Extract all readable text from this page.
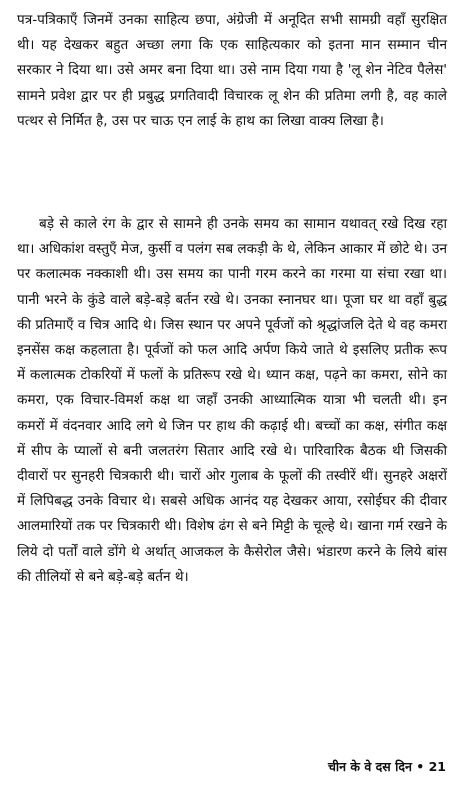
पत्र-पत्रिकाएँ जिनमें उनका साहित्य छपा, अंग्रेजी में अनूदित सभी सामग्री वहाँ सुरक्षित थी। यह देखकर बहुत अच्छा लगा कि एक साहित्यकार को इतना मान सम्मान चीन सरकार ने दिया था। उसे अमर बना दिया था। उसे नाम दिया गया है 'लू शेन नेटिव पैलेस' सामने प्रवेश द्वार पर ही प्रबुद्ध प्रगतिवादी विचारक लू शेन की प्रतिमा लगी है, वह काले पत्थर से निर्मित है, उस पर चाऊ एन लाई के हाथ का लिखा वाक्य लिखा है।

बड़े से काले रंग के द्वार से सामने ही उनके समय का सामान यथावत् रखे दिख रहा था। अधिकांश वस्तुएँ मेज, कुर्सी व पलंग सब लकड़ी के थे, लेकिन आकार में छोटे थे। उन पर कलात्मक नक्काशी थी। उस समय का पानी गरम करने का गरमा या संचा रखा था। पानी भरने के कुंडे वाले बड़े-बड़े बर्तन रखे थे। उनका स्नानघर था। पूजा घर था वहाँ बुद्ध की प्रतिमाएँ व चित्र आदि थे। जिस स्थान पर अपने पूर्वजों को श्रृद्धांजलि देते थे वह कमरा इनसेंस कक्ष कहलाता है। पूर्वजों को फल आदि अर्पण किये जाते थे इसलिए प्रतीक रूप में कलात्मक टोकरियों में फलों के प्रतिरूप रखे थे। ध्यान कक्ष, पढ़ने का कमरा, सोने का कमरा, एक विचार-विमर्श कक्ष था जहाँ उनकी आध्यात्मिक यात्रा भी चलती थी। इन कमरों में वंदनवार आदि लगे थे जिन पर हाथ की कढ़ाई थी। बच्चों का कक्ष, संगीत कक्ष में सीप के प्यालों से बनी जलतरंग सितार आदि रखे थे। पारिवारिक बैठक थी जिसकी दीवारों पर सुनहरी चित्रकारी थी। चारों ओर गुलाब के फूलों की तस्वीरें थीं। सुनहरे अक्षरों में लिपिबद्ध उनके विचार थे। सबसे अधिक आनंद यह देखकर आया, रसोईघर की दीवार आलमारियों तक पर चित्रकारी थी। विशेष ढंग से बने मिट्टी के चूल्हे थे। खाना गर्म रखने के लिये दो पर्तों वाले डोंगे थे अर्थात् आजकल के कैसेरोल जैसे। भंडारण करने के लिये बांस की तीलियों से बने बड़े-बड़े बर्तन थे।

चीन के वे दस दिन • 21
